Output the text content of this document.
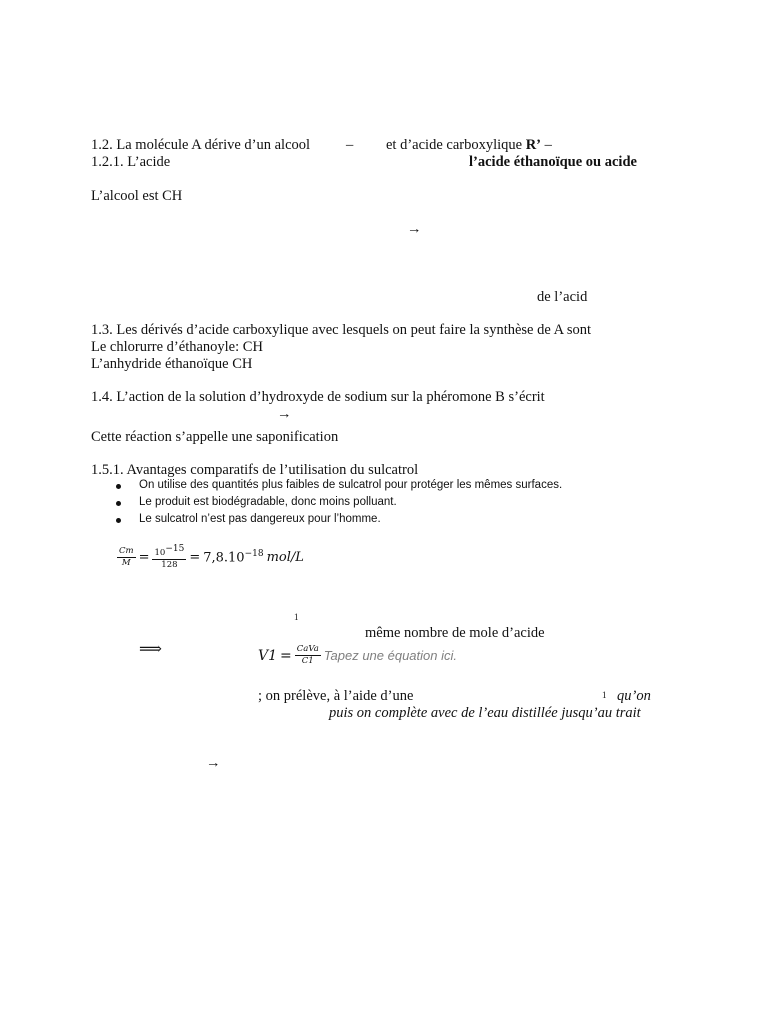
1.2. La molécule A dérive d’un alcool – et d’acide carboxylique R’ –
1.2.1. L’acide	l’acide éthanoïque ou acide
L’alcool est CH
→
de l’acid
1.3. Les dérivés d’acide carboxylique avec lesquels on peut faire la synthèse de A sont
Le chlorurre d’éthanoyle: CH
L’anhydride éthanoïque CH
1.4. L’action de la solution d’hydroxyde de sodium sur la phéromone B s’écrit
→
Cette réaction s’appelle une saponification
1.5.1. Avantages comparatifs de l’utilisation du sulcatrol
On utilise des quantités plus faibles de sulcatrol pour protéger les mêmes surfaces.
Le produit est biodégradable, donc moins polluant.
Le sulcatrol n’est pas dangereux pour l’homme.
$\frac{Cm}{M} = \frac{10^{-15}}{128} = 7,8.10^{-18}$ mol/L
1
même nombre de mole d’acide
⟹	$V1 = \frac{\text{CaVa}}{C1}$ Tapez une équation ici.
; on prélève, à l’aide d’une	1 qu’on
puis on complète avec de l’eau distillée jusqu’au trait
→
